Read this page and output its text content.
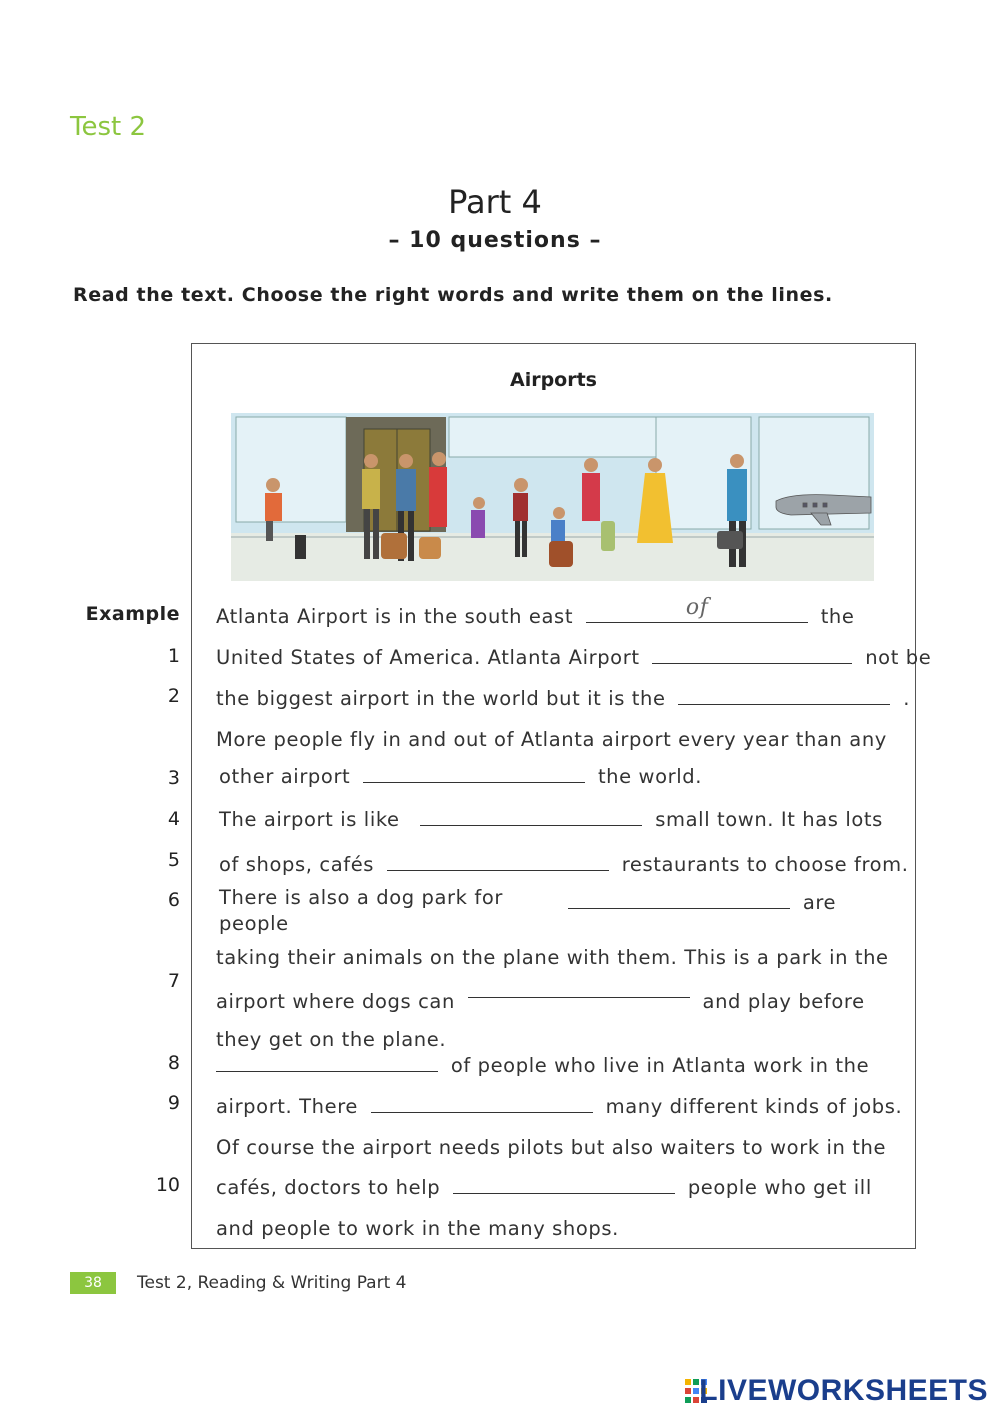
Test 2
Part 4
– 10 questions –
Read the text. Choose the right words and write them on the lines.
Airports
Example
1
2
3
4
5
6
7
8
9
10
Atlanta Airport is in the south east	of	the
United States of America. Atlanta Airport	not be
the biggest airport in the world but it is the	.
More people fly in and out of Atlanta airport every year than any
other airport	the world.
The airport is like	small town. It has lots
of shops, cafés	restaurants to choose from.
There is also a dog park for
people
are
taking their animals on the plane with them. This is a park in the
airport where dogs can	and play before
they get on the plane.
of people who live in Atlanta work in the
airport. There	many different kinds of jobs.
Of course the airport needs pilots but also waiters to work in the
cafés, doctors to help	people who get ill
and people to work in the many shops.
38	Test 2, Reading & Writing Part 4
LIVEWORKSHEETS
